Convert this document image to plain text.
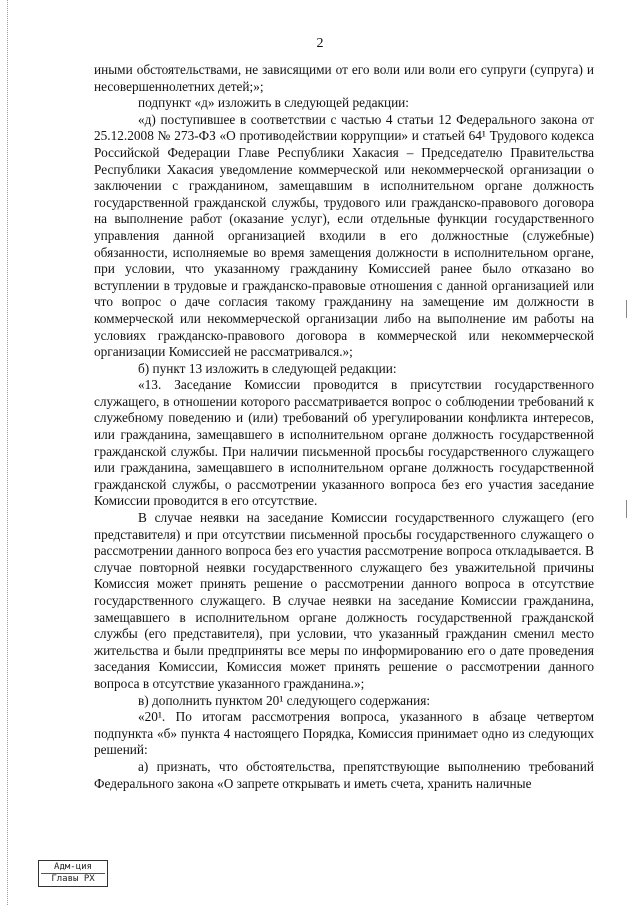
2

иными обстоятельствами, не зависящими от его воли или воли его супруги (супруга) и несовершеннолетних детей;»;

подпункт «д» изложить в следующей редакции:

«д) поступившее в соответствии с частью 4 статьи 12 Федерального закона от 25.12.2008 № 273-ФЗ «О противодействии коррупции» и статьей 64¹ Трудового кодекса Российской Федерации Главе Республики Хакасия – Председателю Правительства Республики Хакасия уведомление коммерческой или некоммерческой организации о заключении с гражданином, замещавшим в исполнительном органе должность государственной гражданской службы, трудового или гражданско-правового договора на выполнение работ (оказание услуг), если отдельные функции государственного управления данной организацией входили в его должностные (служебные) обязанности, исполняемые во время замещения должности в исполнительном органе, при условии, что указанному гражданину Комиссией ранее было отказано во вступлении в трудовые и гражданско-правовые отношения с данной организацией или что вопрос о даче согласия такому гражданину на замещение им должности в коммерческой или некоммерческой организации либо на выполнение им работы на условиях гражданско-правового договора в коммерческой или некоммерческой организации Комиссией не рассматривался.»;

б) пункт 13 изложить в следующей редакции:

«13. Заседание Комиссии проводится в присутствии государственного служащего, в отношении которого рассматривается вопрос о соблюдении требований к служебному поведению и (или) требований об урегулировании конфликта интересов, или гражданина, замещавшего в исполнительном органе должность государственной гражданской службы. При наличии письменной просьбы государственного служащего или гражданина, замещавшего в исполнительном органе должность государственной гражданской службы, о рассмотрении указанного вопроса без его участия заседание Комиссии проводится в его отсутствие.

В случае неявки на заседание Комиссии государственного служащего (его представителя) и при отсутствии письменной просьбы государственного служащего о рассмотрении данного вопроса без его участия рассмотрение вопроса откладывается. В случае повторной неявки государственного служащего без уважительной причины Комиссия может принять решение о рассмотрении данного вопроса в отсутствие государственного служащего. В случае неявки на заседание Комиссии гражданина, замещавшего в исполнительном органе должность государственной гражданской службы (его представителя), при условии, что указанный гражданин сменил место жительства и были предприняты все меры по информированию его о дате проведения заседания Комиссии, Комиссия может принять решение о рассмотрении данного вопроса в отсутствие указанного гражданина.»;

в) дополнить пунктом 20¹ следующего содержания:

«20¹. По итогам рассмотрения вопроса, указанного в абзаце четвертом подпункта «б» пункта 4 настоящего Порядка, Комиссия принимает одно из следующих решений:

а) признать, что обстоятельства, препятствующие выполнению требований Федерального закона «О запрете открывать и иметь счета, хранить наличные

Адм-ция
Главы РХ
